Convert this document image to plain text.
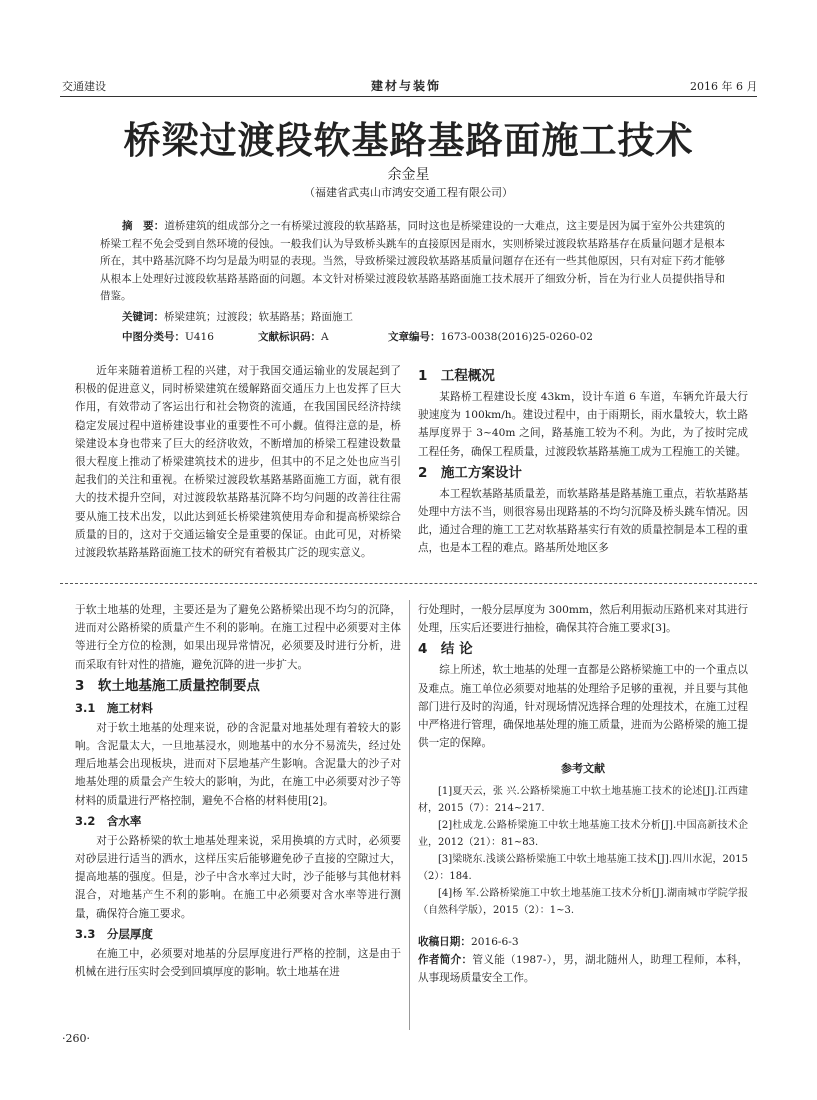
交通建设	建材与装饰	2016 年 6 月
桥梁过渡段软基路基路面施工技术
余金星
（福建省武夷山市鸿安交通工程有限公司）
摘　要：道桥建筑的组成部分之一有桥梁过渡段的软基路基，同时这也是桥梁建设的一大难点，这主要是因为属于室外公共建筑的桥梁工程不免会受到自然环境的侵蚀。一般我们认为导致桥头跳车的直接原因是雨水，实则桥梁过渡段软基路基存在质量问题才是根本所在，其中路基沉降不均匀是最为明显的表现。当然，导致桥梁过渡段软基路基质量问题存在还有一些其他原因，只有对症下药才能够从根本上处理好过渡段软基路基路面的问题。本文针对桥梁过渡段软基路基路面施工技术展开了细致分析，旨在为行业人员提供指导和借鉴。
关键词：桥梁建筑；过渡段；软基路基；路面施工
中图分类号：U416	文献标识码：A	文章编号：1673-0038(2016)25-0260-02

近年来随着道桥工程的兴建，对于我国交通运输业的发展起到了积极的促进意义，同时桥梁建筑在缓解路面交通压力上也发挥了巨大作用，有效带动了客运出行和社会物资的流通，在我国国民经济持续稳定发展过程中道桥建设事业的重要性不可小觑。值得注意的是，桥梁建设本身也带来了巨大的经济收效，不断增加的桥梁工程建设数量很大程度上推动了桥梁建筑技术的进步，但其中的不足之处也应当引起我们的关注和重视。在桥梁过渡段软基路基路面施工方面，就有很大的技术提升空间，对过渡段软基路基沉降不均匀问题的改善往往需要从施工技术出发，以此达到延长桥梁建筑使用寿命和提高桥梁综合质量的目的，这对于交通运输安全是重要的保证。由此可见，对桥梁过渡段软基路基路面施工技术的研究有着极其广泛的现实意义。

1　工程概况

某路桥工程建设长度 43km，设计车道 6 车道，车辆允许最大行驶速度为 100km/h。建设过程中，由于雨期长，雨水量较大，软土路基厚度界于 3~40m 之间，路基施工较为不利。为此，为了按时完成工程任务，确保工程质量，过渡段软基路基施工成为工程施工的关键。

2　施工方案设计

本工程软基路基质量差，而软基路基是路基施工重点，若软基路基处理中方法不当，则很容易出现路基的不均匀沉降及桥头跳车情况。因此，通过合理的施工工艺对软基路基实行有效的质量控制是本工程的重点，也是本工程的难点。路基所处地区多

于软土地基的处理，主要还是为了避免公路桥梁出现不均匀的沉降，进而对公路桥梁的质量产生不利的影响。在施工过程中必须要对主体等进行全方位的检测，如果出现异常情况，必须要及时进行分析，进而采取有针对性的措施，避免沉降的进一步扩大。

3　软土地基施工质量控制要点
3.1　施工材料

对于软土地基的处理来说，砂的含泥量对地基处理有着较大的影响。含泥量太大，一旦地基浸水，则地基中的水分不易流失，经过处理后地基会出现板块，进而对下层地基产生影响。含泥量大的沙子对地基处理的质量会产生较大的影响，为此，在施工中必须要对沙子等材料的质量进行严格控制，避免不合格的材料使用[2]。

3.2　含水率

对于公路桥梁的软土地基处理来说，采用换填的方式时，必须要对砂层进行适当的洒水，这样压实后能够避免砂子直接的空隙过大，提高地基的强度。但是，沙子中含水率过大时，沙子能够与其他材料混合，对地基产生不利的影响。在施工中必须要对含水率等进行测量，确保符合施工要求。

3.3　分层厚度

在施工中，必须要对地基的分层厚度进行严格的控制，这是由于机械在进行压实时会受到回填厚度的影响。软土地基在进

行处理时，一般分层厚度为 300mm，然后利用振动压路机来对其进行处理，压实后还要进行抽检，确保其符合施工要求[3]。

4　结 论

综上所述，软土地基的处理一直都是公路桥梁施工中的一个重点以及难点。施工单位必须要对地基的处理给予足够的重视，并且要与其他部门进行及时的沟通，针对现场情况选择合理的处理技术，在施工过程中严格进行管理，确保地基处理的施工质量，进而为公路桥梁的施工提供一定的保障。

参考文献

[1]夏天云，张 兴.公路桥梁施工中软土地基施工技术的论述[J].江西建材，2015（7）：214~217.

[2]杜成龙.公路桥梁施工中软土地基施工技术分析[J].中国高新技术企业，2012（21）：81~83.

[3]梁晓东.浅谈公路桥梁施工中软土地基施工技术[J].四川水泥，2015（2）：184.

[4]杨 军.公路桥梁施工中软土地基施工技术分析[J].湖南城市学院学报（自然科学版），2015（2）：1~3.

收稿日期：2016-6-3
作者简介：管义能（1987-），男，湖北随州人，助理工程师，本科，从事现场质量安全工作。
·260·
